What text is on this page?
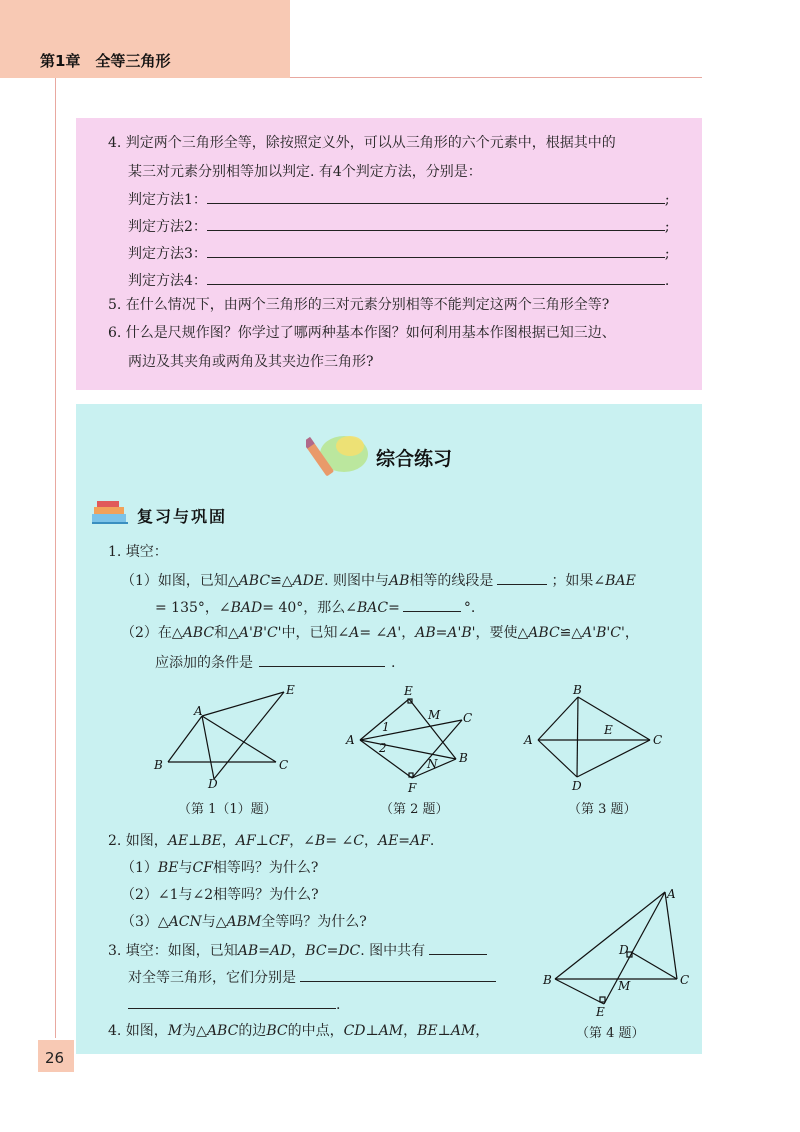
第1章　全等三角形
4. 判定两个三角形全等，除按照定义外，可以从三角形的六个元素中，根据其中的
某三对元素分别相等加以判定. 有4个判定方法，分别是：
判定方法1：	;
判定方法2：	;
判定方法3：	;
判定方法4：	.
5. 在什么情况下，由两个三角形的三对元素分别相等不能判定这两个三角形全等?
6. 什么是尺规作图？你学过了哪两种基本作图？如何利用基本作图根据已知三边、
两边及其夹角或两角及其夹边作三角形?
综合练习
复习与巩固
1. 填空：
（1）如图，已知△ABC≌△ADE. 则图中与AB相等的线段是	；如果∠BAE
= 135°，∠BAD= 40°，那么∠BAC=	°.
（2）在△ABC和△A'B'C'中，已知∠A= ∠A'，AB=A'B'，要使△ABC≌△A'B'C'，
应添加的条件是	.
A
E
B	C
D
E
M C
1
A
2
B
N
F
B
A
E
C
D
（第 1（1）题）	（第 2 题）	（第 3 题）
2. 如图，AE⊥BE，AF⊥CF，∠B= ∠C，AE=AF.
（1）BE与CF相等吗？为什么?
（2）∠1与∠2相等吗？为什么?
（3）△ACN与△ABM全等吗？为什么?
3. 填空：如图，已知AB=AD，BC=DC. 图中共有
对全等三角形，它们分别是
.
4. 如图，M为△ABC的边BC的中点，CD⊥AM，BE⊥AM，
A
D
B	M	C
E
（第 4 题）
26
